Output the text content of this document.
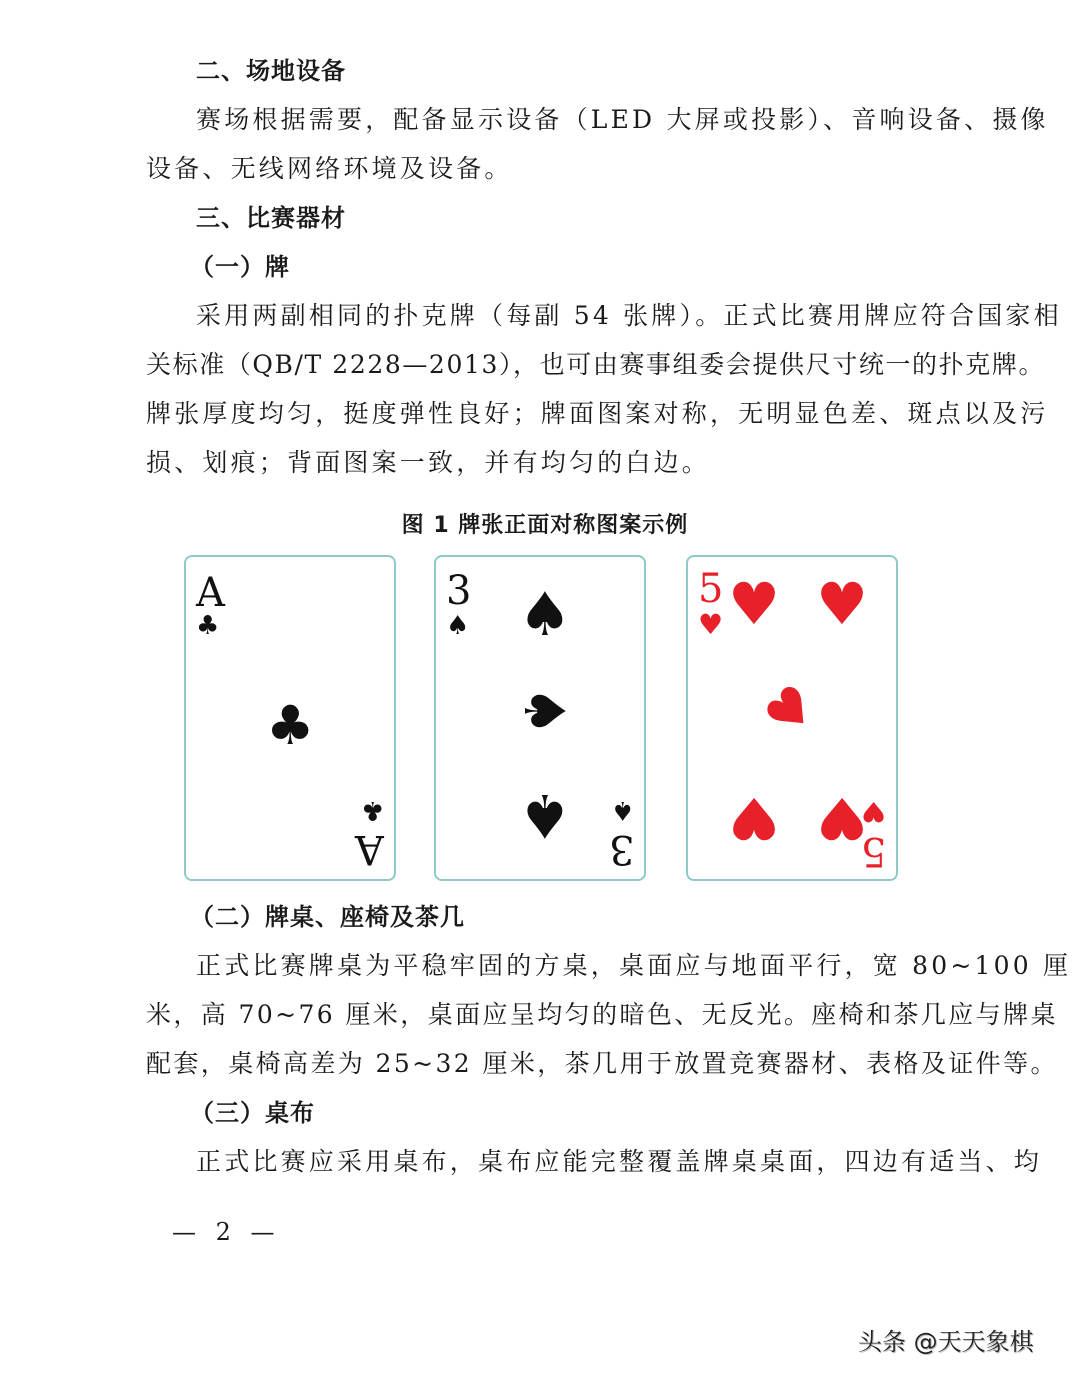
二、场地设备
赛场根据需要，配备显示设备（LED 大屏或投影）、音响设备、摄像
设备、无线网络环境及设备。
三、比赛器材
（一）牌
采用两副相同的扑克牌（每副 54 张牌）。正式比赛用牌应符合国家相
关标准（QB/T 2228—2013），也可由赛事组委会提供尺寸统一的扑克牌。
牌张厚度均匀，挺度弹性良好；牌面图案对称，无明显色差、斑点以及污
损、划痕；背面图案一致，并有均匀的白边。
图 1 牌张正面对称图案示例
A
♣
♣
♣
A
3
♠ ♠
♠
♠ ♠
3
5
♥ ♥ ♥
♥
♥ ♥
♥
5
（二）牌桌、座椅及茶几
正式比赛牌桌为平稳牢固的方桌，桌面应与地面平行，宽 80~100 厘
米，高 70~76 厘米，桌面应呈均匀的暗色、无反光。座椅和茶几应与牌桌
配套，桌椅高差为 25~32 厘米，茶几用于放置竞赛器材、表格及证件等。
（三）桌布
正式比赛应采用桌布，桌布应能完整覆盖牌桌桌面，四边有适当、均
— 2 —
头条 @天天象棋
